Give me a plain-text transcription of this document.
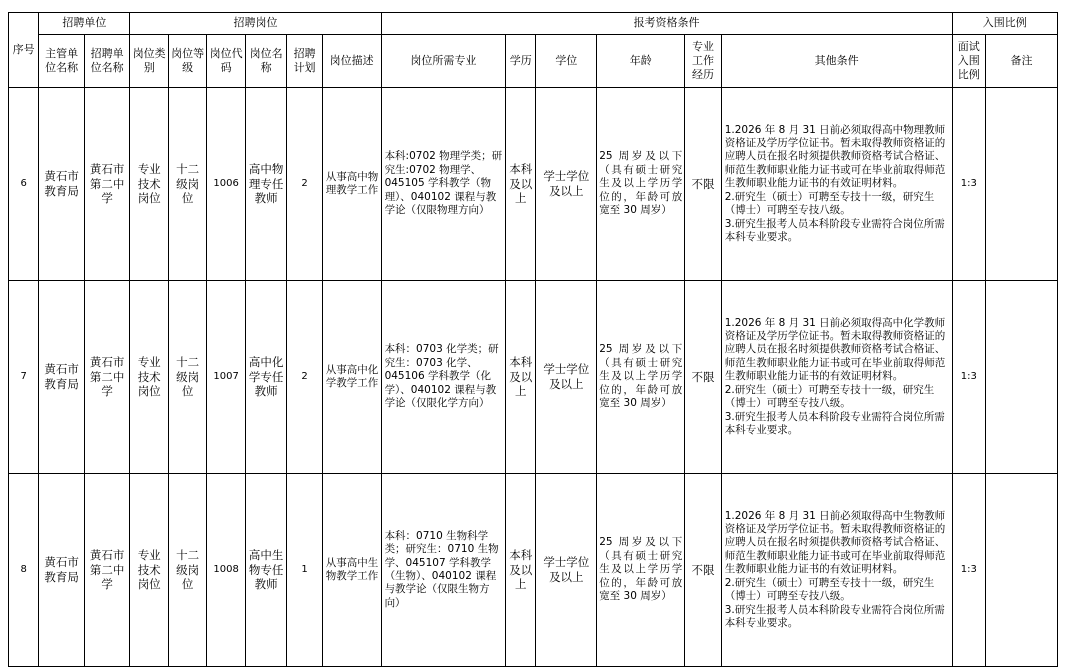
序号	招聘单位		招聘岗位						报考资格条件						入围比例	
	主管单位名称	招聘单位名称	岗位类别	岗位等级	岗位代码	岗位名称	招聘计划	岗位描述	岗位所需专业	学历	学位	年龄	专业工作经历	其他条件	面试入围比例	备注
6	黄石市教育局	黄石市第二中学	专业技术岗位	十二级岗位	1006	高中物理专任教师	2	从事高中物理教学工作	本科:0702 物理学类；研究生:0702 物理学、045105 学科教学（物理）、040102 课程与教学论（仅限物理方向）	本科及以上	学士学位及以上	25 周岁及以下（具有硕士研究生及以上学历学位的，年龄可放宽至 30 周岁）	不限	1.2026 年 8 月 31 日前必须取得高中物理教师资格证及学历学位证书。暂未取得教师资格证的应聘人员在报名时须提供教师资格考试合格证、师范生教师职业能力证书或可在毕业前取得师范生教师职业能力证书的有效证明材料。
2.研究生（硕士）可聘至专技十一级，研究生（博士）可聘至专技八级。
3.研究生报考人员本科阶段专业需符合岗位所需本科专业要求。	1:3	
7	黄石市教育局	黄石市第二中学	专业技术岗位	十二级岗位	1007	高中化学专任教师	2	从事高中化学教学工作	本科：0703 化学类；研究生：0703 化学、045106 学科教学（化学）、040102 课程与教学论（仅限化学方向）	本科及以上	学士学位及以上	25 周岁及以下（具有硕士研究生及以上学历学位的，年龄可放宽至 30 周岁）	不限	1.2026 年 8 月 31 日前必须取得高中化学教师资格证及学历学位证书。暂未取得教师资格证的应聘人员在报名时须提供教师资格考试合格证、师范生教师职业能力证书或可在毕业前取得师范生教师职业能力证书的有效证明材料。
2.研究生（硕士）可聘至专技十一级，研究生（博士）可聘至专技八级。
3.研究生报考人员本科阶段专业需符合岗位所需本科专业要求。	1:3	
8	黄石市教育局	黄石市第二中学	专业技术岗位	十二级岗位	1008	高中生物专任教师	1	从事高中生物教学工作	本科：0710 生物科学类；研究生：0710 生物学、045107 学科教学（生物）、040102 课程与教学论（仅限生物方向）	本科及以上	学士学位及以上	25 周岁及以下（具有硕士研究生及以上学历学位的，年龄可放宽至 30 周岁）	不限	1.2026 年 8 月 31 日前必须取得高中生物教师资格证及学历学位证书。暂未取得教师资格证的应聘人员在报名时须提供教师资格考试合格证、师范生教师职业能力证书或可在毕业前取得师范生教师职业能力证书的有效证明材料。
2.研究生（硕士）可聘至专技十一级，研究生（博士）可聘至专技八级。
3.研究生报考人员本科阶段专业需符合岗位所需本科专业要求。	1:3	
